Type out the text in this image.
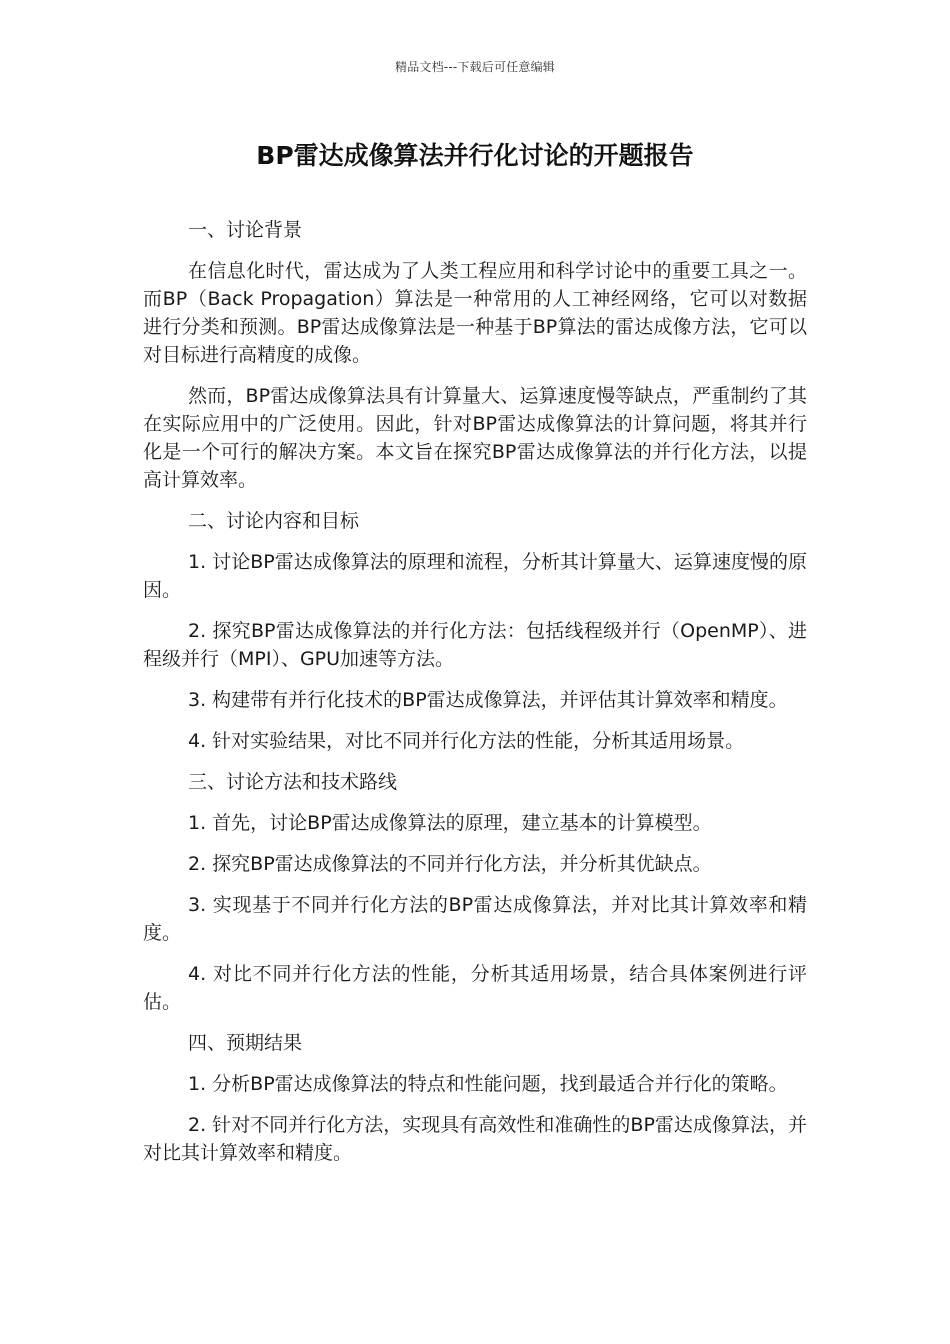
精品文档---下载后可任意编辑
BP雷达成像算法并行化讨论的开题报告

一、讨论背景

在信息化时代，雷达成为了人类工程应用和科学讨论中的重要工具之一。而BP（Back Propagation）算法是一种常用的人工神经网络，它可以对数据进行分类和预测。BP雷达成像算法是一种基于BP算法的雷达成像方法，它可以对目标进行高精度的成像。

然而，BP雷达成像算法具有计算量大、运算速度慢等缺点，严重制约了其在实际应用中的广泛使用。因此，针对BP雷达成像算法的计算问题，将其并行化是一个可行的解决方案。本文旨在探究BP雷达成像算法的并行化方法，以提高计算效率。

二、讨论内容和目标

1. 讨论BP雷达成像算法的原理和流程，分析其计算量大、运算速度慢的原因。

2. 探究BP雷达成像算法的并行化方法：包括线程级并行（OpenMP）、进程级并行（MPI）、GPU加速等方法。

3. 构建带有并行化技术的BP雷达成像算法，并评估其计算效率和精度。

4. 针对实验结果，对比不同并行化方法的性能，分析其适用场景。

三、讨论方法和技术路线

1. 首先，讨论BP雷达成像算法的原理，建立基本的计算模型。

2. 探究BP雷达成像算法的不同并行化方法，并分析其优缺点。

3. 实现基于不同并行化方法的BP雷达成像算法，并对比其计算效率和精度。

4. 对比不同并行化方法的性能，分析其适用场景，结合具体案例进行评估。

四、预期结果

1. 分析BP雷达成像算法的特点和性能问题，找到最适合并行化的策略。

2. 针对不同并行化方法，实现具有高效性和准确性的BP雷达成像算法，并对比其计算效率和精度。
